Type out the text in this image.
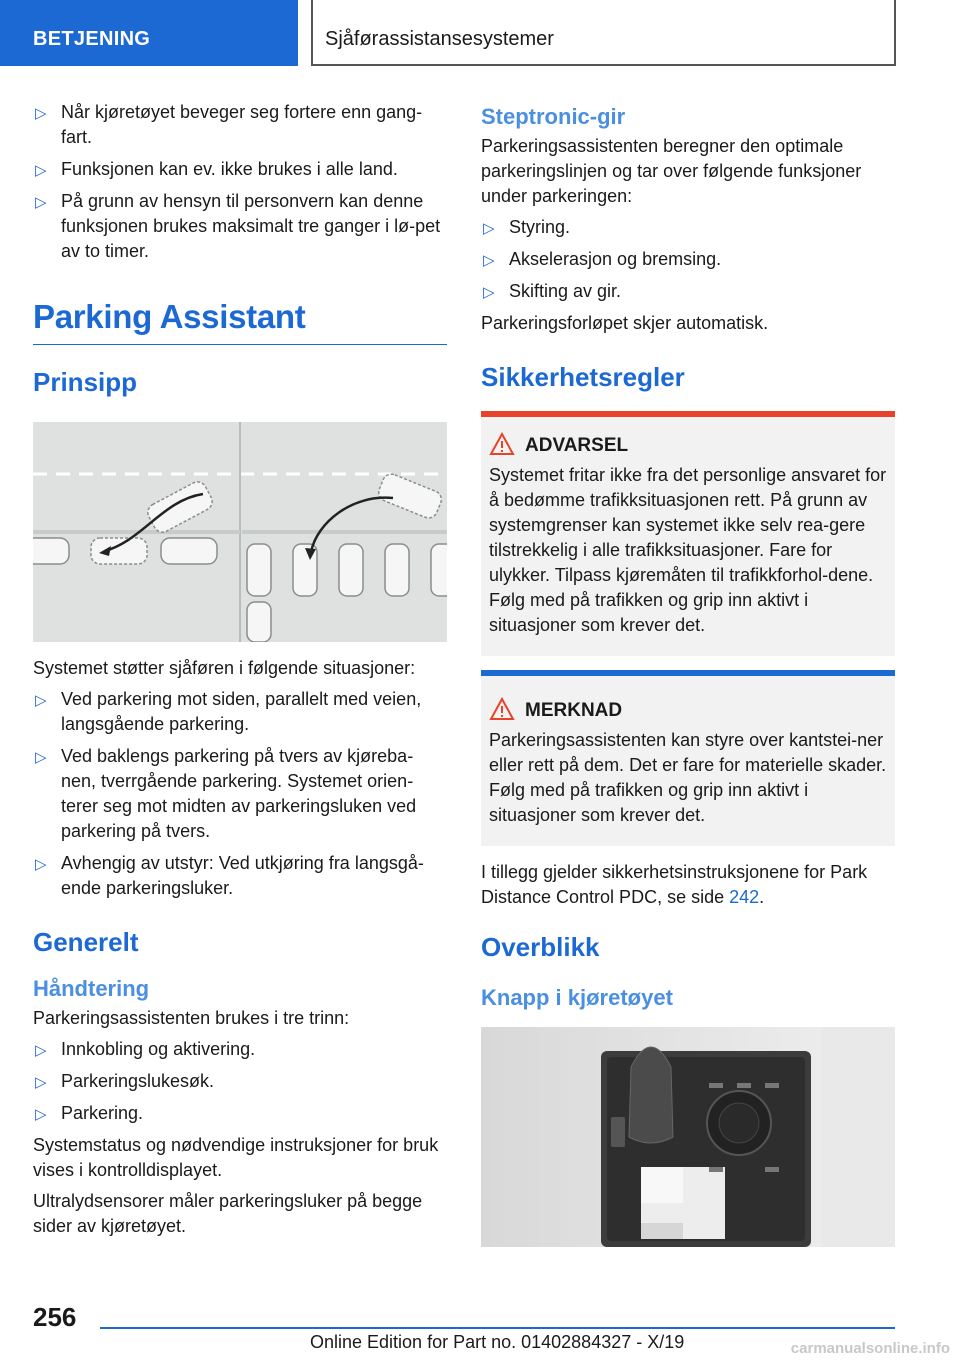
BETJENING	Sjåførassistansesystemer
▷ Når kjøretøyet beveger seg fortere enn gang-fart.
▷ Funksjonen kan ev. ikke brukes i alle land.
▷ På grunn av hensyn til personvern kan denne funksjonen brukes maksimalt tre ganger i lø-pet av to timer.
Parking Assistant
Prinsipp
Systemet støtter sjåføren i følgende situasjoner:
▷ Ved parkering mot siden, parallelt med veien, langsgående parkering.
▷ Ved baklengs parkering på tvers av kjøreba-nen, tverrgående parkering. Systemet orien-terer seg mot midten av parkeringsluken ved parkering på tvers.
▷ Avhengig av utstyr: Ved utkjøring fra langsgå-ende parkeringsluker.
Generelt
Håndtering
Parkeringsassistenten brukes i tre trinn:
▷ Innkobling og aktivering.
▷ Parkeringslukesøk.
▷ Parkering.
Systemstatus og nødvendige instruksjoner for bruk vises i kontrolldisplayet.
Ultralydsensorer måler parkeringsluker på begge sider av kjøretøyet.
Steptronic-gir
Parkeringsassistenten beregner den optimale parkeringslinjen og tar over følgende funksjoner under parkeringen:
▷ Styring.
▷ Akselerasjon og bremsing.
▷ Skifting av gir.
Parkeringsforløpet skjer automatisk.
Sikkerhetsregler
ADVARSEL
Systemet fritar ikke fra det personlige ansvaret for å bedømme trafikksituasjonen rett. På grunn av systemgrenser kan systemet ikke selv rea-gere tilstrekkelig i alle trafikksituasjoner. Fare for ulykker. Tilpass kjøremåten til trafikkforhol-dene. Følg med på trafikken og grip inn aktivt i situasjoner som krever det.
MERKNAD
Parkeringsassistenten kan styre over kantstei-ner eller rett på dem. Det er fare for materielle skader. Følg med på trafikken og grip inn aktivt i situasjoner som krever det.
I tillegg gjelder sikkerhetsinstruksjonene for Park Distance Control PDC, se side 242.
Overblikk
Knapp i kjøretøyet
256
Online Edition for Part no. 01402884327 - X/19	carmanualsonline.info
